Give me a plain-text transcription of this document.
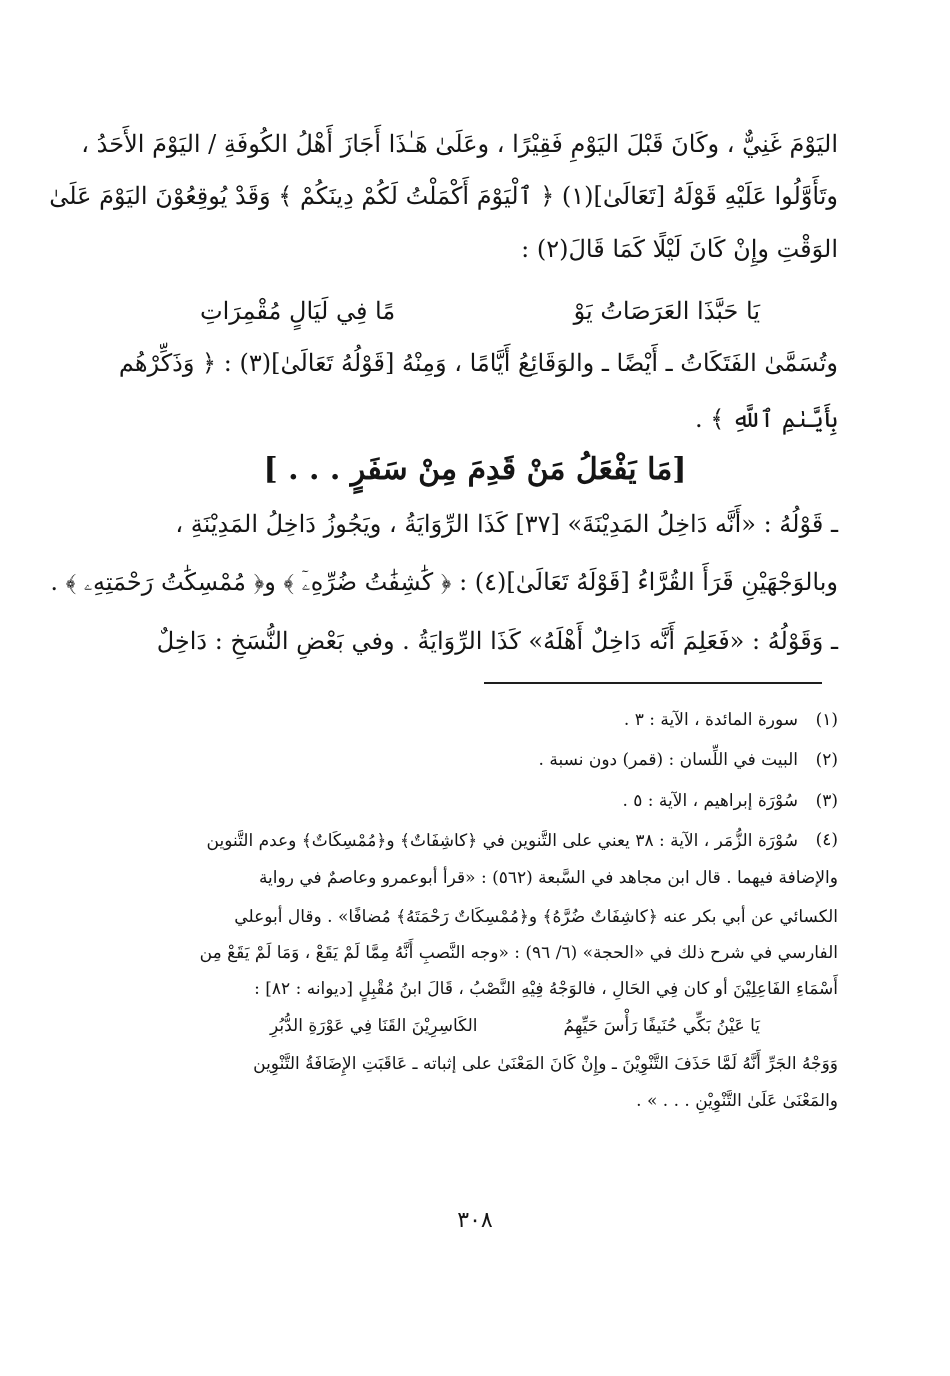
اليَوْمَ غَنِيٌّ ، وكَانَ قَبْلَ اليَوْمِ فَقِيْرًا ، وعَلَىٰ هَـٰذَا أَجَازَ أَهْلُ الكُوفَةِ / اليَوْمَ الأَحَدُ ،
وتَأَوَّلُوا عَلَيْهِ قَوْلَهُ [تَعَالَىٰ](١) ﴿ ٱلْيَوْمَ أَكْمَلْتُ لَكُمْ دِينَكُمْ ﴾ وَقَدْ يُوقِعُوْنَ اليَوْمَ عَلَىٰ
الوَقْتِ وإِنْ كَانَ لَيْلًا كَمَا قَالَ(٢) :
يَا حَبَّذَا العَرَصَاتُ يَوْ
مًا فِي لَيَالٍ مُقْمِرَاتِ
وتُسَمَّىٰ الفَتَكَاتُ ـ أَيْضًا ـ والوَقَائِعُ أَيَّامًا ، وَمِنْهُ [قَوْلُهُ تَعَالَىٰ](٣) : ﴿ وَذَكِّرْهُم
بِأَيَّىٰمِ ٱللَّهِ ﴾ .
[مَا يَفْعَلُ مَنْ قَدِمَ مِنْ سَفَرٍ . . . ]
ـ قَوْلُهُ : «أَنَّه دَاخِلُ المَدِيْنَةَ» [٣٧] كَذَا الرِّوَايَةُ ، ويَجُوزُ دَاخِلُ المَدِيْنَةِ ،
وبالوَجْهَيْنِ قَرَأَ القُرَّاءُ [قَوْلَهُ تَعَالَىٰ](٤) : ﴿ كَٰشِفَٰتُ ضُرِّهِۦٓ ﴾ و﴿ مُمْسِكَٰتُ رَحْمَتِهِۦ ﴾ .
ـ وَقَوْلُهُ : «فَعَلِمَ أَنَّه دَاخِلٌ أَهْلَهُ» كَذَا الرِّوَايَةُ . وفي بَعْضِ النُّسَخِ : دَاخِلٌ
(١)
سورة المائدة ، الآية : ٣ .
(٢)
البيت في اللِّسان : (قمر) دون نسبة .
(٣)
سُوْرَة إبراهيم ، الآية : ٥ .
(٤)
سُوْرَة الزُّمَر ، الآية : ٣٨ يعني على التَّنوين في ﴿كاشِفَاتٌ﴾ و﴿مُمْسِكَاتٌ﴾ وعدم التَّنوين
والإضافة فيهما . قال ابن مجاهد في السَّبعة (٥٦٢) : «قرأ أبوعمرو وعاصمٌ في رواية
الكسائي عن أبي بكر عنه ﴿كاشِفَاتٌ ضُرَّهُ﴾ و﴿مُمْسِكَاتٌ رَحْمَتَهُ﴾ مُضافًا» . وقال أبوعلي
الفارسي في شرح ذلك في «الحجة» (٦/ ٩٦) : «وجه النَّصبِ أَنَّهُ مِمَّا لَمْ يَقَعْ ، وَمَا لَمْ يَقَعْ مِن
أَسْمَاءِ الفَاعِلِيْنَ أو كان فِي الحَالِ ، فالوَجْهُ فِيْهِ النَّصْبُ ، قَالَ ابنُ مُقْبِلٍ [ديوانه : ٨٢] :
يَا عَيْنُ بَكِّي حُنَيفًا رَأْسَ حَيِّهِمُ
الكَاسِرِيْنَ القَنَا فِي عَوْرَةِ الدُّبُرِ
وَوَجْهُ الجَرِّ أَنَّهُ لَمَّا حَذَفَ التَّنْوِيْنَ ـ وإِنْ كَانَ المَعْنَىٰ على إثباته ـ عَاقَبَتِ الإِضَافَةُ التَّنْوِين
والمَعْنَىٰ عَلَىٰ التَّنْوِيْنِ . . . » .
٣٠٨
